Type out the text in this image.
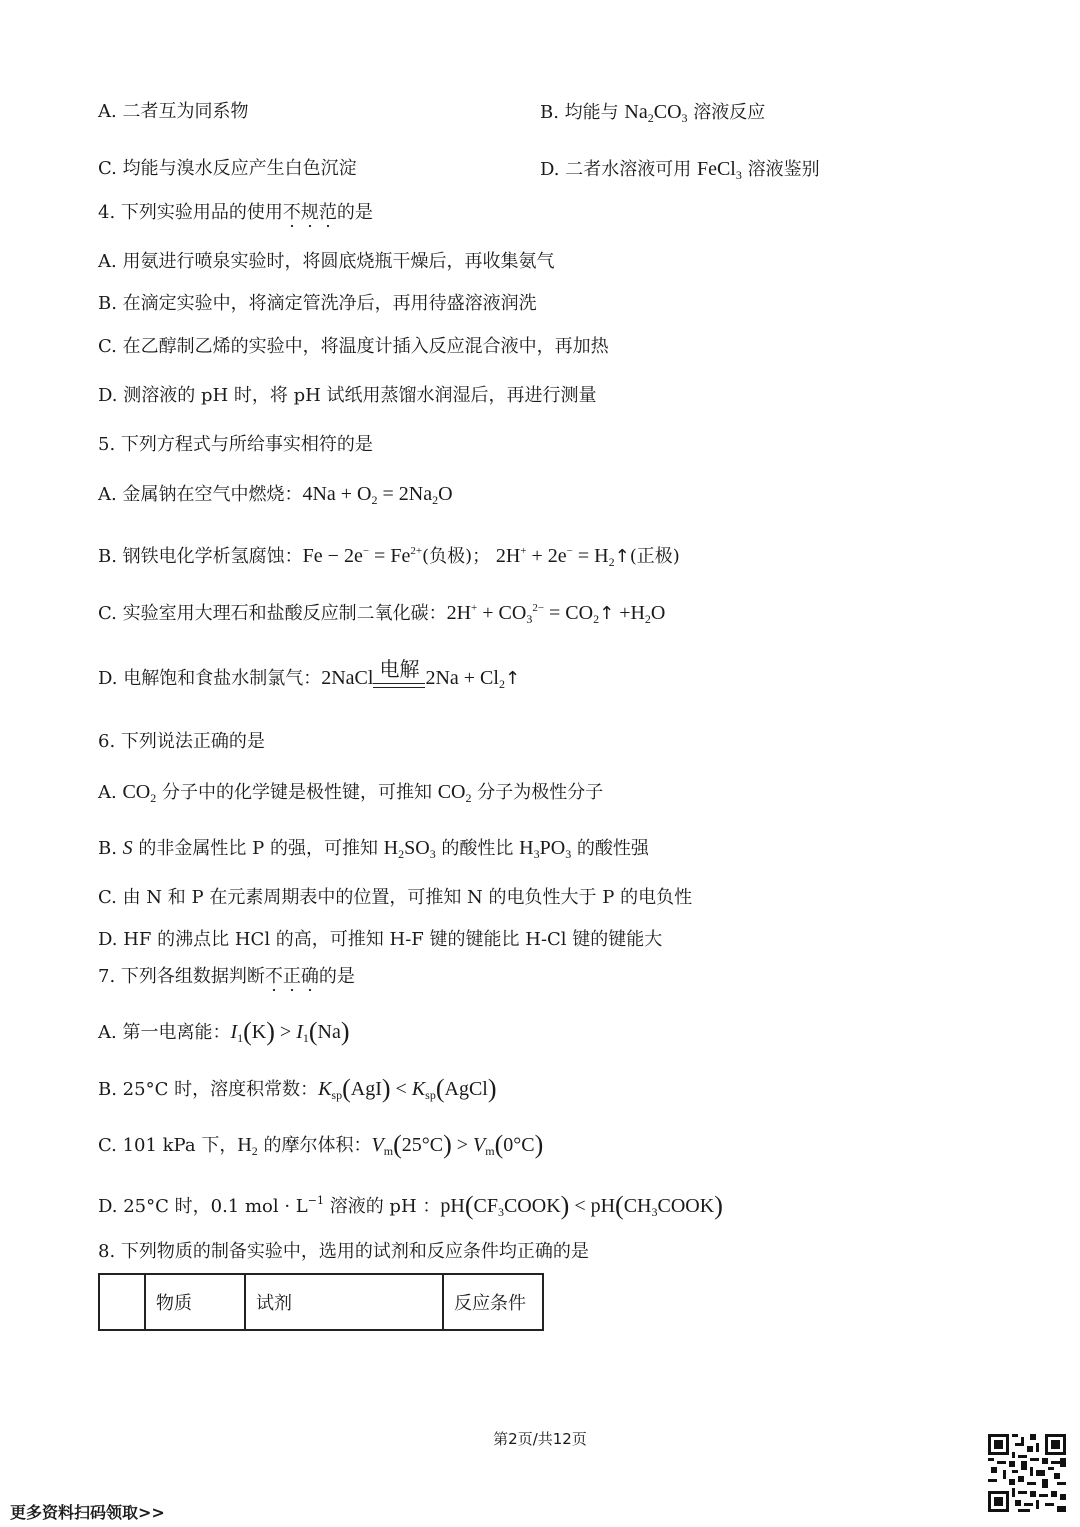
A. 二者互为同系物	B. 均能与 $Na_2CO_3$ 溶液反应
C. 均能与溴水反应产生白色沉淀	D. 二者水溶液可用 FeCl$_3$ 溶液鉴别
4. 下列实验用品的使用不规范的是
A. 用氨进行喷泉实验时，将圆底烧瓶干燥后，再收集氨气
B. 在滴定实验中，将滴定管洗净后，再用待盛溶液润洗
C. 在乙醇制乙烯的实验中，将温度计插入反应混合液中，再加热
D. 测溶液的 pH 时，将 pH 试纸用蒸馏水润湿后，再进行测量
5. 下列方程式与所给事实相符的是
A. 金属钠在空气中燃烧：$4Na + O_2 = 2Na_2O$
B. 钢铁电化学析氢腐蚀：$Fe - 2e^- = Fe^{2+}$(负极)； $2H^+ + 2e^- = H_2↑$(正极)
C. 实验室用大理石和盐酸反应制二氧化碳：$2H^+ + CO_3^{2-}$ = $CO_2↑ +H_2O$
D. 电解饱和食盐水制氯气：2NaCl 电解 $2Na + Cl_2↑$
6. 下列说法正确的是
A. $CO_2$ 分子中的化学键是极性键，可推知 $CO_2$ 分子为极性分子
B. S 的非金属性比 P 的强，可推知 $H_2SO_3$ 的酸性比 $H_3PO_3$ 的酸性强
C. 由 N 和 P 在元素周期表中的位置，可推知 N 的电负性大于 P 的电负性
D. HF 的沸点比 HCl 的高，可推知 H-F 键的键能比 H-Cl 键的键能大
7. 下列各组数据判断不正确的是
A. 第一电离能：$I_1(K) > I_1(Na)$
B. 25°C 时，溶度积常数：$K_{sp}(AgI)$ < $K_{sp}(AgCl)$
C. 101 kPa 下，$H_2$ 的摩尔体积：$V_m(25^\circ C) > V_m(0^\circ C)$
D. 25°C 时，0.1 mol · $L^{-1}$ 溶液的 pH ：$pH(CF_3COOK)$ < $pH(CH_3COOK)$
8. 下列物质的制备实验中，选用的试剂和反应条件均正确的是
	物质	试剂	反应条件
第2页/共12页
更多资料扫码领取>>
